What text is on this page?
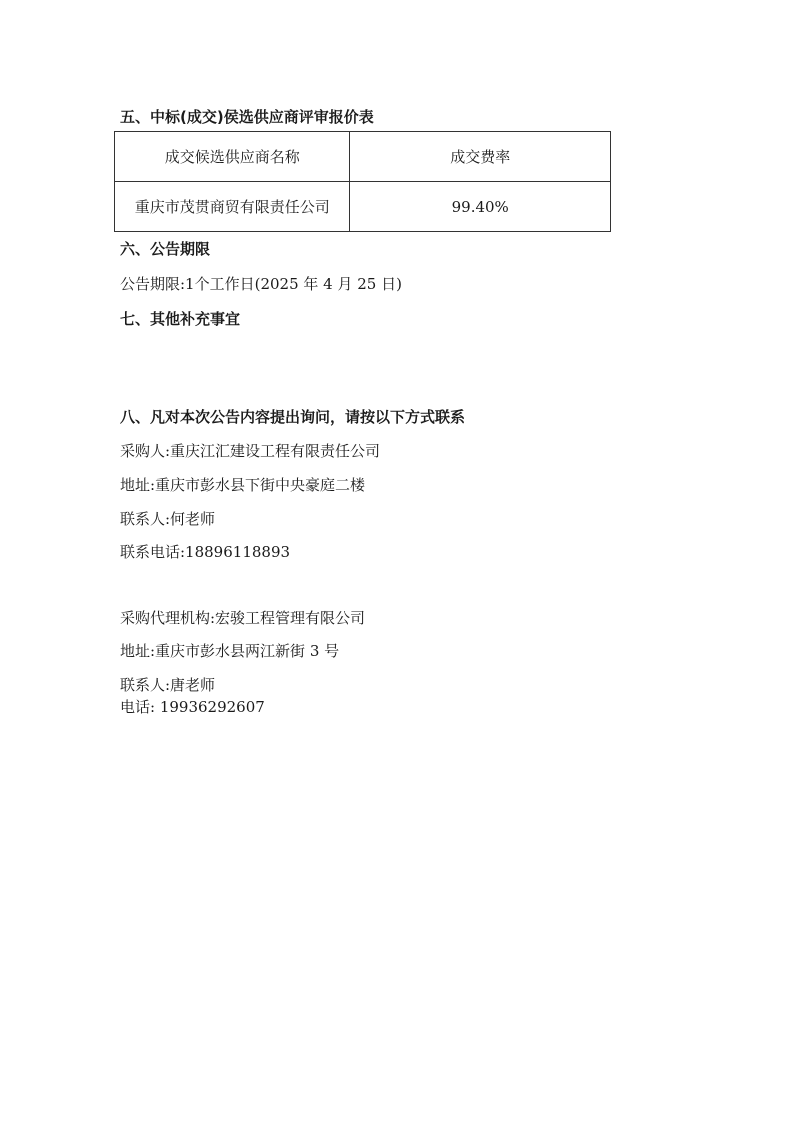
五、中标(成交)侯选供应商评审报价表
成交候选供应商名称	成交费率
重庆市茂贯商贸有限责任公司	99.40%
六、公告期限
公告期限:1个工作日(2025 年 4 月 25 日)
七、其他补充事宜
八、凡对本次公告内容提出询问，请按以下方式联系
采购人:重庆江汇建设工程有限责任公司
地址:重庆市彭水县下街中央豪庭二楼
联系人:何老师
联系电话:18896118893
采购代理机构:宏骏工程管理有限公司
地址:重庆市彭水县两江新街 3 号
联系人:唐老师
电话: 19936292607
